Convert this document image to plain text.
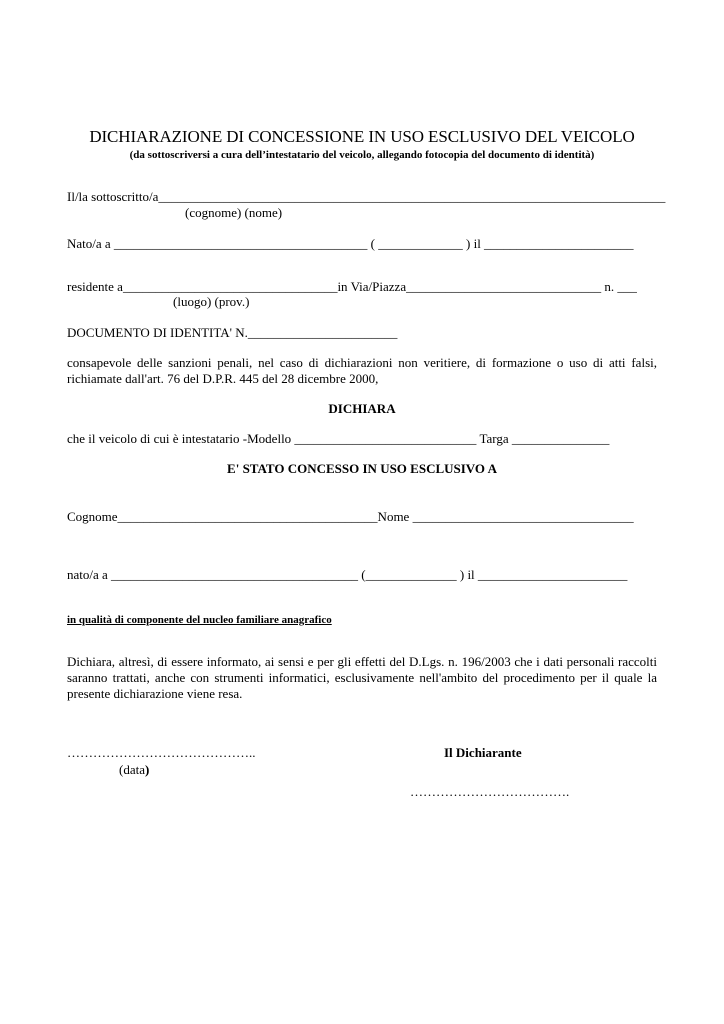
DICHIARAZIONE DI CONCESSIONE IN USO ESCLUSIVO DEL VEICOLO
(da sottoscriversi a cura dell’intestatario del veicolo, allegando fotocopia del documento di identità)
Il/la sottoscritto/a______________________________________________________________________________
(cognome) (nome)
Nato/a a _______________________________________ ( _____________ ) il _______________________
residente a_________________________________in Via/Piazza______________________________ n. ___
(luogo) (prov.)
DOCUMENTO DI IDENTITA' N._______________________
consapevole delle sanzioni penali, nel caso di dichiarazioni non veritiere, di formazione o uso di atti falsi, richiamate dall'art. 76 del D.P.R. 445 del 28 dicembre 2000,
DICHIARA
che il veicolo di cui è intestatario -Modello ____________________________ Targa _______________
E' STATO CONCESSO IN USO ESCLUSIVO A
Cognome________________________________________Nome __________________________________
nato/a a ______________________________________ (______________ ) il _______________________
in qualità di componente del nucleo familiare anagrafico
Dichiara, altresì, di essere informato, ai sensi e per gli effetti del D.Lgs. n. 196/2003 che i dati personali raccolti saranno trattati, anche con strumenti informatici, esclusivamente nell'ambito del procedimento per il quale la presente dichiarazione viene resa.
……………………………………..
(data)
Il Dichiarante
……………………………….
